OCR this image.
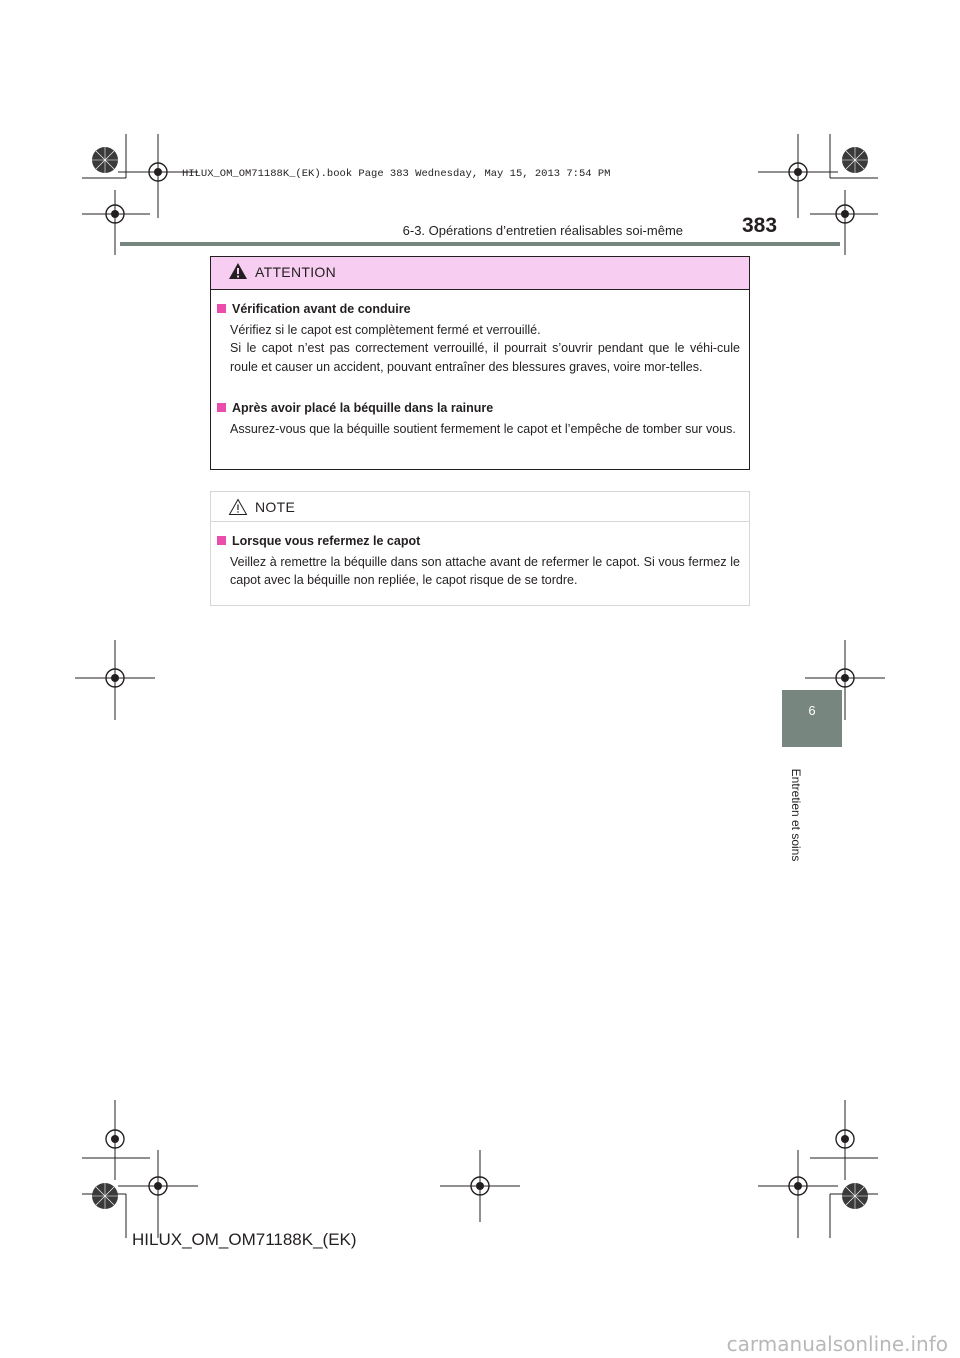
HILUX_OM_OM71188K_(EK).book Page 383 Wednesday, May 15, 2013 7:54 PM
6-3. Opérations d’entretien réalisables soi-même	383
ATTENTION
Vérification avant de conduire
Vérifiez si le capot est complètement fermé et verrouillé.
Si le capot n’est pas correctement verrouillé, il pourrait s’ouvrir pendant que le véhi-cule roule et causer un accident, pouvant entraîner des blessures graves, voire mor-telles.
Après avoir placé la béquille dans la rainure
Assurez-vous que la béquille soutient fermement le capot et l’empêche de tomber sur vous.
NOTE
Lorsque vous refermez le capot
Veillez à remettre la béquille dans son attache avant de refermer le capot. Si vous fermez le capot avec la béquille non repliée, le capot risque de se tordre.
6
Entretien et soins
HILUX_OM_OM71188K_(EK)
carmanualsonline.info
